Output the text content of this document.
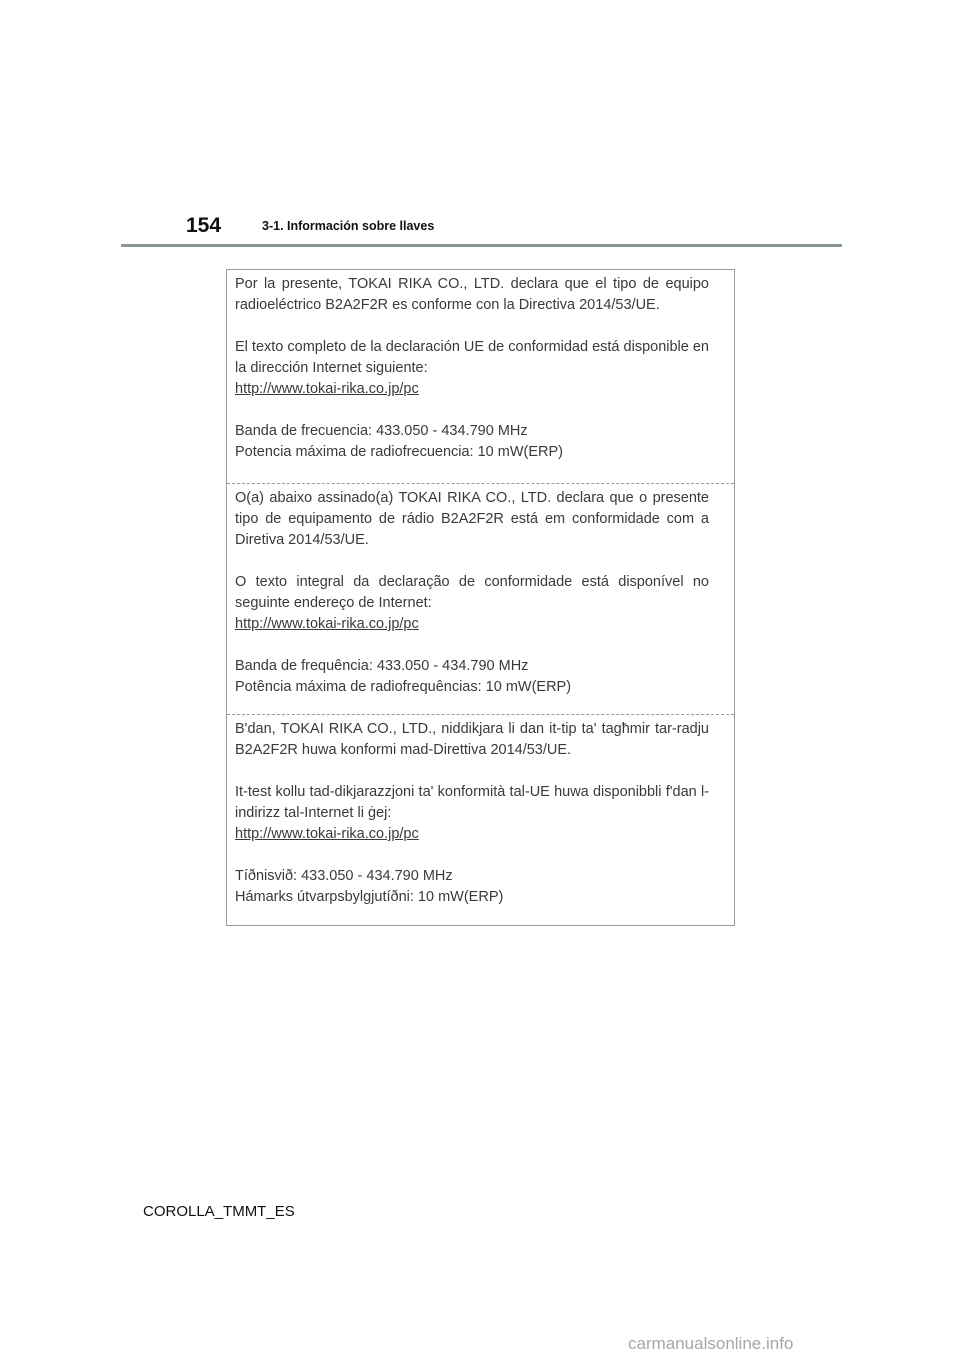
154	3-1. Información sobre llaves

Por la presente, TOKAI RIKA CO., LTD. declara que el tipo de equipo radioeléctrico B2A2F2R es conforme con la Directiva 2014/53/UE.

El texto completo de la declaración UE de conformidad está disponible en la dirección Internet siguiente:

http://www.tokai-rika.co.jp/pc

Banda de frecuencia: 433.050 - 434.790 MHz

Potencia máxima de radiofrecuencia: 10 mW(ERP)

O(a) abaixo assinado(a) TOKAI RIKA CO., LTD. declara que o presente tipo de equipamento de rádio B2A2F2R está em conformidade com a Diretiva 2014/53/UE.

O texto integral da declaração de conformidade está disponível no seguinte endereço de Internet:

http://www.tokai-rika.co.jp/pc

Banda de frequência: 433.050 - 434.790 MHz

Potência máxima de radiofrequências: 10 mW(ERP)

B'dan, TOKAI RIKA CO., LTD., niddikjara li dan it-tip ta' tagħmir tar-radju B2A2F2R huwa konformi mad-Direttiva 2014/53/UE.

It-test kollu tad-dikjarazzjoni ta' konformità tal-UE huwa disponibbli f'dan l-indirizz tal-Internet li ġej:

http://www.tokai-rika.co.jp/pc

Tíðnisvið: 433.050 - 434.790 MHz

Hámarks útvarpsbylgjutíðni: 10 mW(ERP)

COROLLA_TMMT_ES
carmanualsonline.info
